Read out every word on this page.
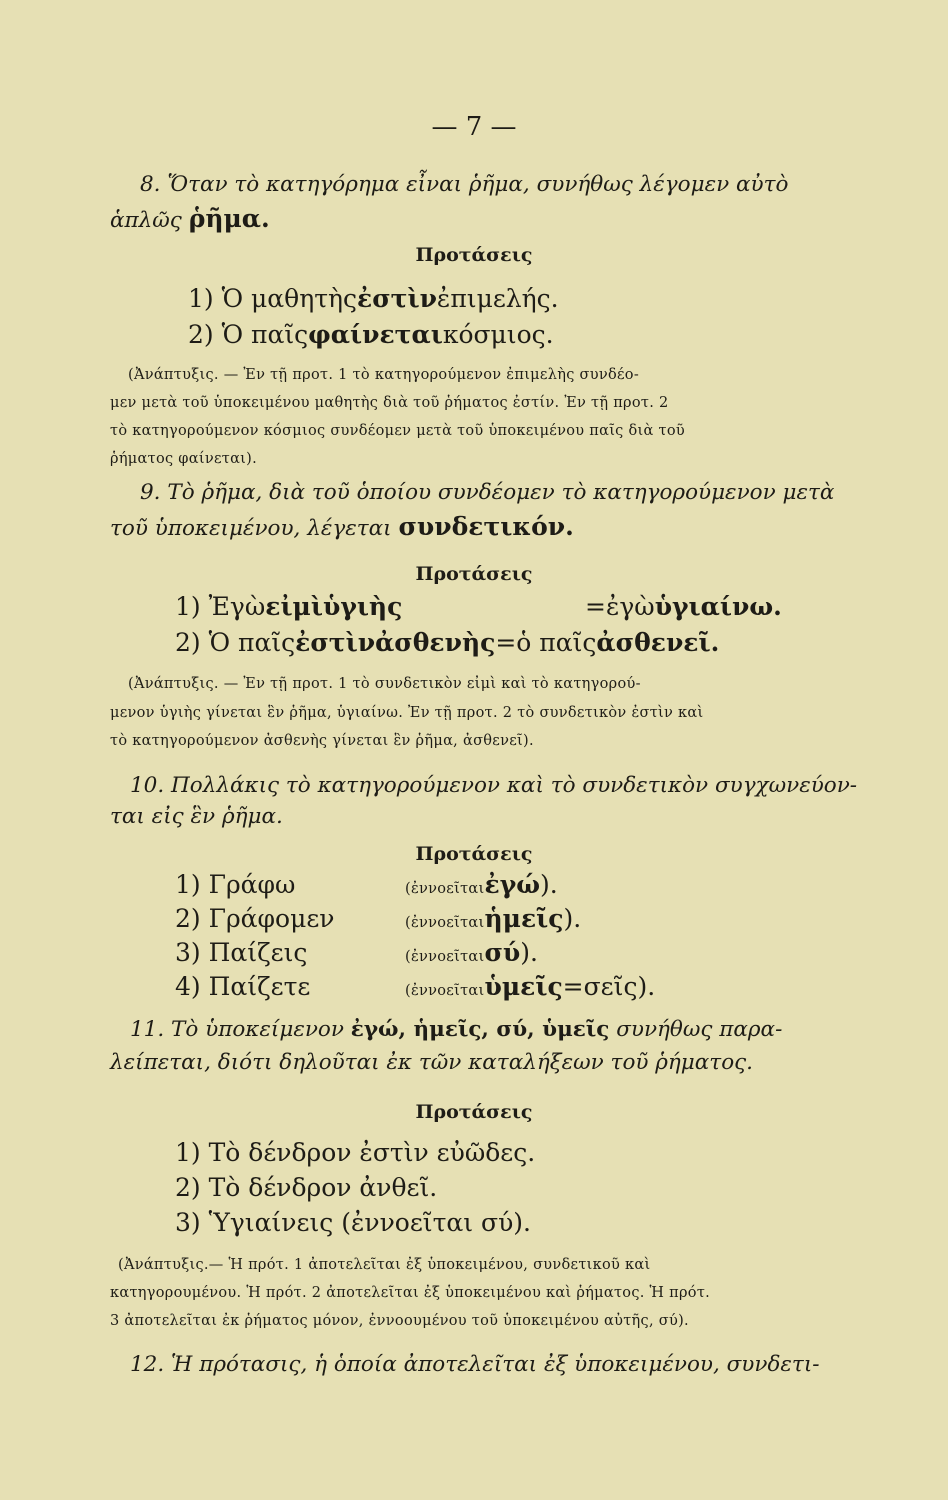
— 7 —
8. Ὅταν τὸ κατηγόρημα εἶναι ῥῆμα, συνήθως λέγομεν αὐτὸ
ἁπλῶς ῥῆμα.
Προτάσεις
1) Ὁ μαθητὴςἐστὶνἐπιμελής.
2) Ὁ παῖςφαίνεταικόσμιος.
(Ἀνάπτυξις. — Ἐν τῇ προτ. 1 τὸ κατηγορούμενον ἐπιμελὴς συνδέο-
μεν μετὰ τοῦ ὑποκειμένου μαθητὴς διὰ τοῦ ῥήματος ἐστίν. Ἐν τῇ προτ. 2
τὸ κατηγορούμενον κόσμιος συνδέομεν μετὰ τοῦ ὑποκειμένου παῖς διὰ τοῦ
ῥήματος φαίνεται).
9. Τὸ ῥῆμα, διὰ τοῦ ὁποίου συνδέομεν τὸ κατηγορούμενον μετὰ
τοῦ ὑποκειμένου, λέγεται συνδετικόν.
Προτάσεις
1) Ἐγὼεἰμὶὑγιὴς	=ἐγὼὑγιαίνω.
2) Ὁ παῖςἐστὶνἀσθενὴς=ὁ παῖςἀσθενεῖ.
(Ἀνάπτυξις. — Ἐν τῇ προτ. 1 τὸ συνδετικὸν εἰμὶ καὶ τὸ κατηγορού-
μενον ὑγιὴς γίνεται ἓν ῥῆμα, ὑγιαίνω. Ἐν τῇ προτ. 2 τὸ συνδετικὸν ἐστὶν καὶ
τὸ κατηγορούμενον ἀσθενὴς γίνεται ἓν ῥῆμα, ἀσθενεῖ).
10. Πολλάκις τὸ κατηγορούμενον καὶ τὸ συνδετικὸν συγχωνεύον-
ται εἰς ἓν ῥῆμα.
Προτάσεις
1) Γράφω	(ἐννοεῖταιἐγώ).
2) Γράφομεν	(ἐννοεῖταιἡμεῖς).
3) Παίζεις	(ἐννοεῖταισύ).
4) Παίζετε	(ἐννοεῖταιὑμεῖς=σεῖς).
11. Τὸ ὑποκείμενον ἐγώ, ἡμεῖς, σύ, ὑμεῖς συνήθως παρα-
λείπεται, διότι δηλοῦται ἐκ τῶν καταλήξεων τοῦ ῥήματος.
Προτάσεις
1) Τὸ δένδρον ἐστὶν εὐῶδες.
2) Τὸ δένδρον ἀνθεῖ.
3) Ὑγιαίνεις (ἐννοεῖται σύ).
(Ἀνάπτυξις.— Ἡ πρότ. 1 ἀποτελεῖται ἐξ ὑποκειμένου, συνδετικοῦ καὶ
κατηγορουμένου. Ἡ πρότ. 2 ἀποτελεῖται ἐξ ὑποκειμένου καὶ ῥήματος. Ἡ πρότ.
3 ἀποτελεῖται ἐκ ῥήματος μόνον, ἐννοουμένου τοῦ ὑποκειμένου αὐτῆς, σύ).
12. Ἡ πρότασις, ἡ ὁποία ἀποτελεῖται ἐξ ὑποκειμένου, συνδετι-
